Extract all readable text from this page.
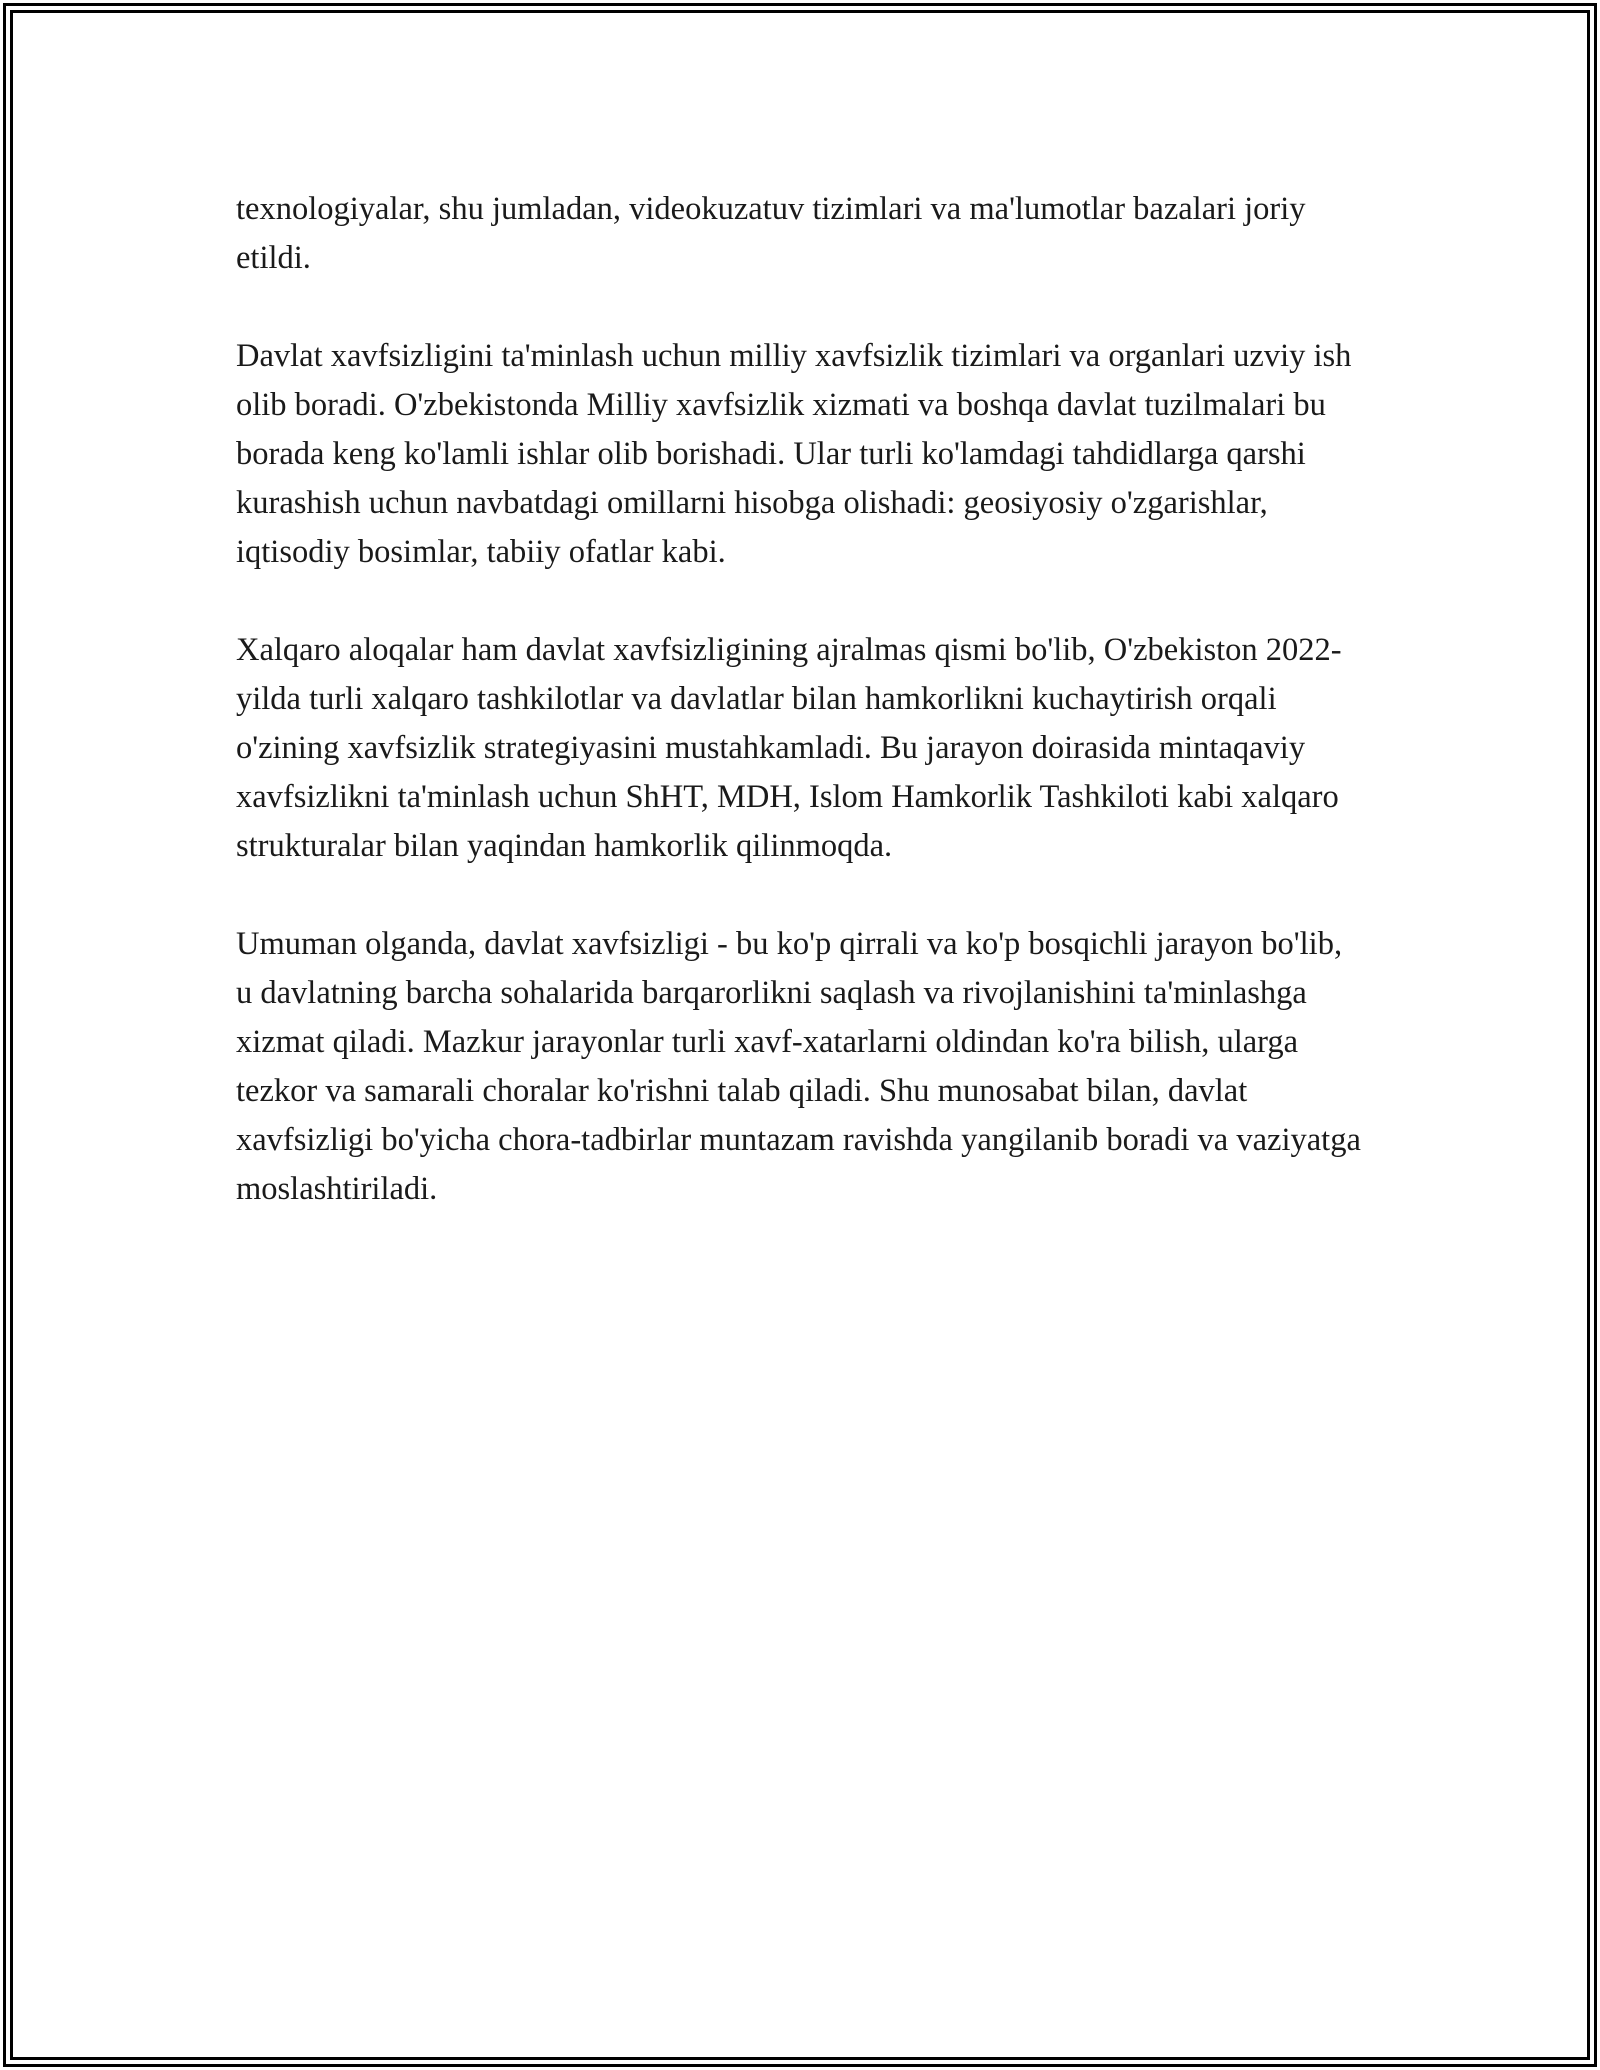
texnologiyalar, shu jumladan, videokuzatuv tizimlari va ma'lumotlar bazalari joriy etildi.

Davlat xavfsizligini ta'minlash uchun milliy xavfsizlik tizimlari va organlari uzviy ish olib boradi. O'zbekistonda Milliy xavfsizlik xizmati va boshqa davlat tuzilmalari bu borada keng ko'lamli ishlar olib borishadi. Ular turli ko'lamdagi tahdidlarga qarshi kurashish uchun navbatdagi omillarni hisobga olishadi: geosiyosiy o'zgarishlar, iqtisodiy bosimlar, tabiiy ofatlar kabi.

Xalqaro aloqalar ham davlat xavfsizligining ajralmas qismi bo'lib, O'zbekiston 2022-yilda turli xalqaro tashkilotlar va davlatlar bilan hamkorlikni kuchaytirish orqali o'zining xavfsizlik strategiyasini mustahkamladi. Bu jarayon doirasida mintaqaviy xavfsizlikni ta'minlash uchun ShHT, MDH, Islom Hamkorlik Tashkiloti kabi xalqaro strukturalar bilan yaqindan hamkorlik qilinmoqda.

Umuman olganda, davlat xavfsizligi - bu ko'p qirrali va ko'p bosqichli jarayon bo'lib, u davlatning barcha sohalarida barqarorlikni saqlash va rivojlanishini ta'minlashga xizmat qiladi. Mazkur jarayonlar turli xavf-xatarlarni oldindan ko'ra bilish, ularga tezkor va samarali choralar ko'rishni talab qiladi. Shu munosabat bilan, davlat xavfsizligi bo'yicha chora-tadbirlar muntazam ravishda yangilanib boradi va vaziyatga moslashtiriladi.
